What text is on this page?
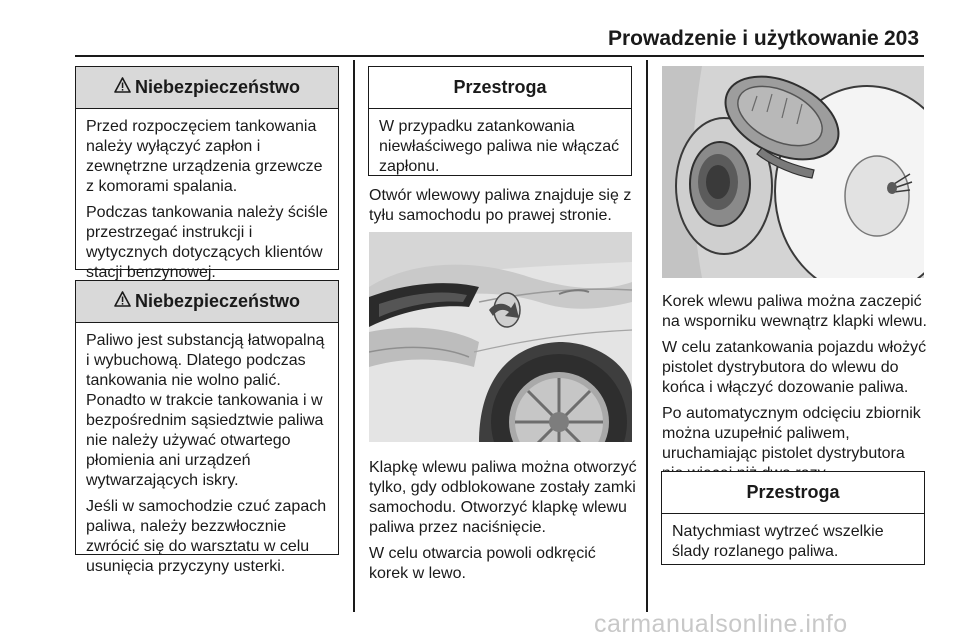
Prowadzenie i użytkowanie 203
Niebezpieczeństwo

Przed rozpoczęciem tankowania należy wyłączyć zapłon i zewnętrzne urządzenia grzewcze z komorami spalania.

Podczas tankowania należy ściśle przestrzegać instrukcji i wytycznych dotyczących klientów stacji benzynowej.

Niebezpieczeństwo

Paliwo jest substancją łatwopalną i wybuchową. Dlatego podczas tankowania nie wolno palić. Ponadto w trakcie tankowania i w bezpośrednim sąsiedztwie paliwa nie należy używać otwartego płomienia ani urządzeń wytwarzających iskry.

Jeśli w samochodzie czuć zapach paliwa, należy bezzwłocznie zwrócić się do warsztatu w celu usunięcia przyczyny usterki.

Przestroga

W przypadku zatankowania niewłaściwego paliwa nie włączać zapłonu.

Otwór wlewowy paliwa znajduje się z tyłu samochodu po prawej stronie.

Klapkę wlewu paliwa można otworzyć tylko, gdy odblokowane zostały zamki samochodu. Otworzyć klapkę wlewu paliwa przez naciśnięcie.

W celu otwarcia powoli odkręcić korek w lewo.

Korek wlewu paliwa można zaczepić na wsporniku wewnątrz klapki wlewu.

W celu zatankowania pojazdu włożyć pistolet dystrybutora do wlewu do końca i włączyć dozowanie paliwa.

Po automatycznym odcięciu zbiornik można uzupełnić paliwem, uruchamiając pistolet dystrybutora

Przestroga

Natychmiast wytrzeć wszelkie ślady rozlanego paliwa.

carmanualsonline.info
